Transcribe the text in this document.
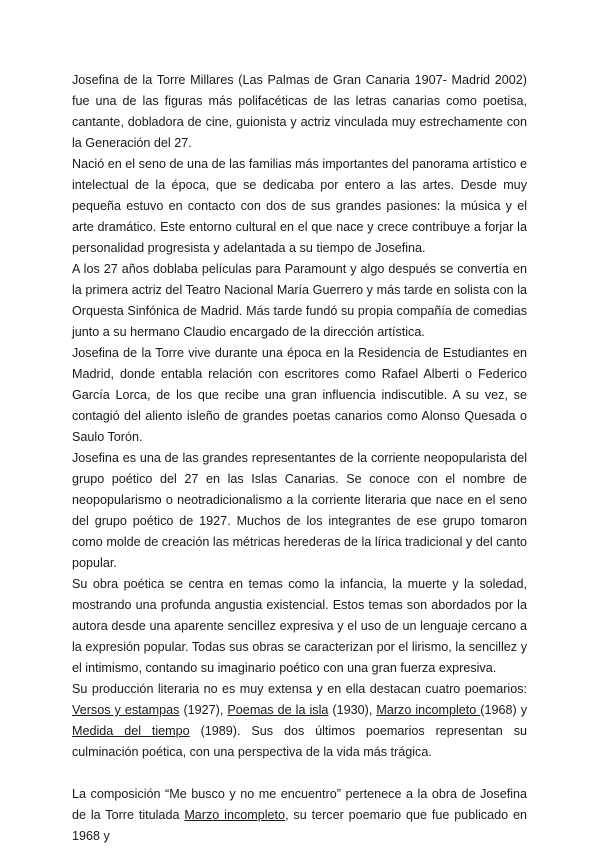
Josefina de la Torre Millares (Las Palmas de Gran Canaria 1907- Madrid 2002) fue una de las figuras más polifacéticas de las letras canarias como poetisa, cantante, dobladora de cine, guionista y actriz vinculada muy estrechamente con la Generación del 27.

Nació en el seno de una de las familias más importantes del panorama artístico e intelectual de la época, que se dedicaba por entero a las artes. Desde muy pequeña estuvo en contacto con dos de sus grandes pasiones: la música y el arte dramático. Este entorno cultural en el que nace y crece contribuye a forjar la personalidad progresista y adelantada a su tiempo de Josefina.

A los 27 años doblaba películas para Paramount y algo después se convertía en la primera actriz del Teatro Nacional María Guerrero y más tarde en solista con la Orquesta Sinfónica de Madrid. Más tarde fundó su propia compañía de comedias junto a su hermano Claudio encargado de la dirección artística.

Josefina de la Torre vive durante una época en la Residencia de Estudiantes en Madrid, donde entabla relación con escritores como Rafael Alberti o Federico García Lorca, de los que recibe una gran influencia indiscutible. A su vez, se contagió del aliento isleño de grandes poetas canarios como Alonso Quesada o Saulo Torón.

Josefina es una de las grandes representantes de la corriente neopopularista del grupo poético del 27 en las Islas Canarias. Se conoce con el nombre de neopopularismo o neotradicionalismo a la corriente literaria que nace en el seno del grupo poético de 1927. Muchos de los integrantes de ese grupo tomaron como molde de creación las métricas herederas de la lírica tradicional y del canto popular.

Su obra poética se centra en temas como la infancia, la muerte y la soledad, mostrando una profunda angustia existencial. Estos temas son abordados por la autora desde una aparente sencillez expresiva y el uso de un lenguaje cercano a la expresión popular. Todas sus obras se caracterizan por el lirismo, la sencillez y el intimismo, contando su imaginario poético con una gran fuerza expresiva.

Su producción literaria no es muy extensa y en ella destacan cuatro poemarios: Versos y estampas (1927), Poemas de la isla (1930), Marzo incompleto (1968) y Medida del tiempo (1989). Sus dos últimos poemarios representan su culminación poética, con una perspectiva de la vida más trágica.

La composición “Me busco y no me encuentro” pertenece a la obra de Josefina de la Torre titulada Marzo incompleto, su tercer poemario que fue publicado en 1968 y
